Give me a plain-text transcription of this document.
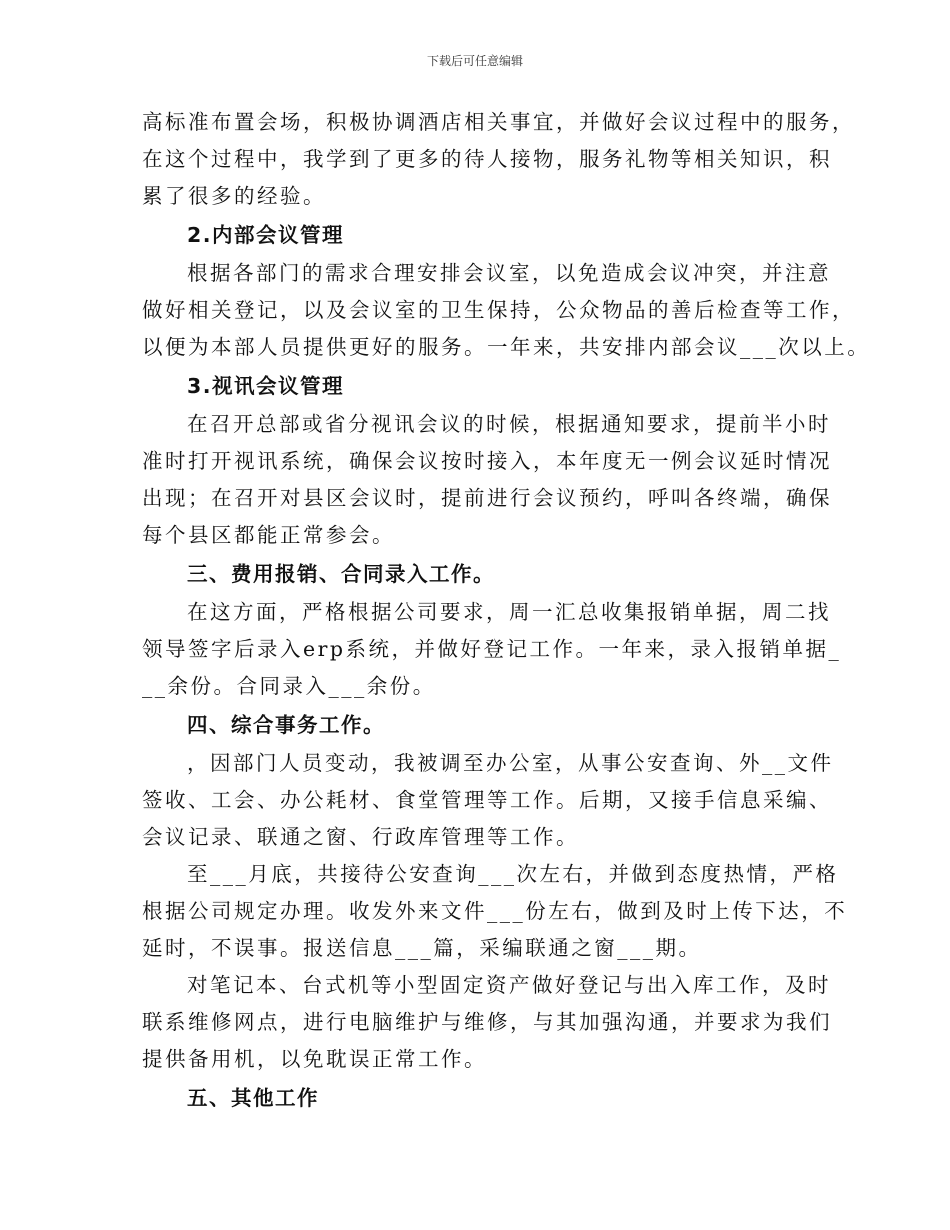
下载后可任意编辑
高标准布置会场，积极协调酒店相关事宜，并做好会议过程中的服务，
在这个过程中，我学到了更多的待人接物，服务礼物等相关知识，积
累了很多的经验。
2.内部会议管理
根据各部门的需求合理安排会议室，以免造成会议冲突，并注意
做好相关登记，以及会议室的卫生保持，公众物品的善后检查等工作，
以便为本部人员提供更好的服务。一年来，共安排内部会议___次以上。
3.视讯会议管理
在召开总部或省分视讯会议的时候，根据通知要求，提前半小时
准时打开视讯系统，确保会议按时接入，本年度无一例会议延时情况
出现；在召开对县区会议时，提前进行会议预约，呼叫各终端，确保
每个县区都能正常参会。
三、费用报销、合同录入工作。
在这方面，严格根据公司要求，周一汇总收集报销单据，周二找
领导签字后录入erp系统，并做好登记工作。一年来，录入报销单据_
__余份。合同录入___余份。
四、综合事务工作。
，因部门人员变动，我被调至办公室，从事公安查询、外__文件
签收、工会、办公耗材、食堂管理等工作。后期，又接手信息采编、
会议记录、联通之窗、行政库管理等工作。
至___月底，共接待公安查询___次左右，并做到态度热情，严格
根据公司规定办理。收发外来文件___份左右，做到及时上传下达，不
延时，不误事。报送信息___篇，采编联通之窗___期。
对笔记本、台式机等小型固定资产做好登记与出入库工作，及时
联系维修网点，进行电脑维护与维修，与其加强沟通，并要求为我们
提供备用机，以免耽误正常工作。
五、其他工作
